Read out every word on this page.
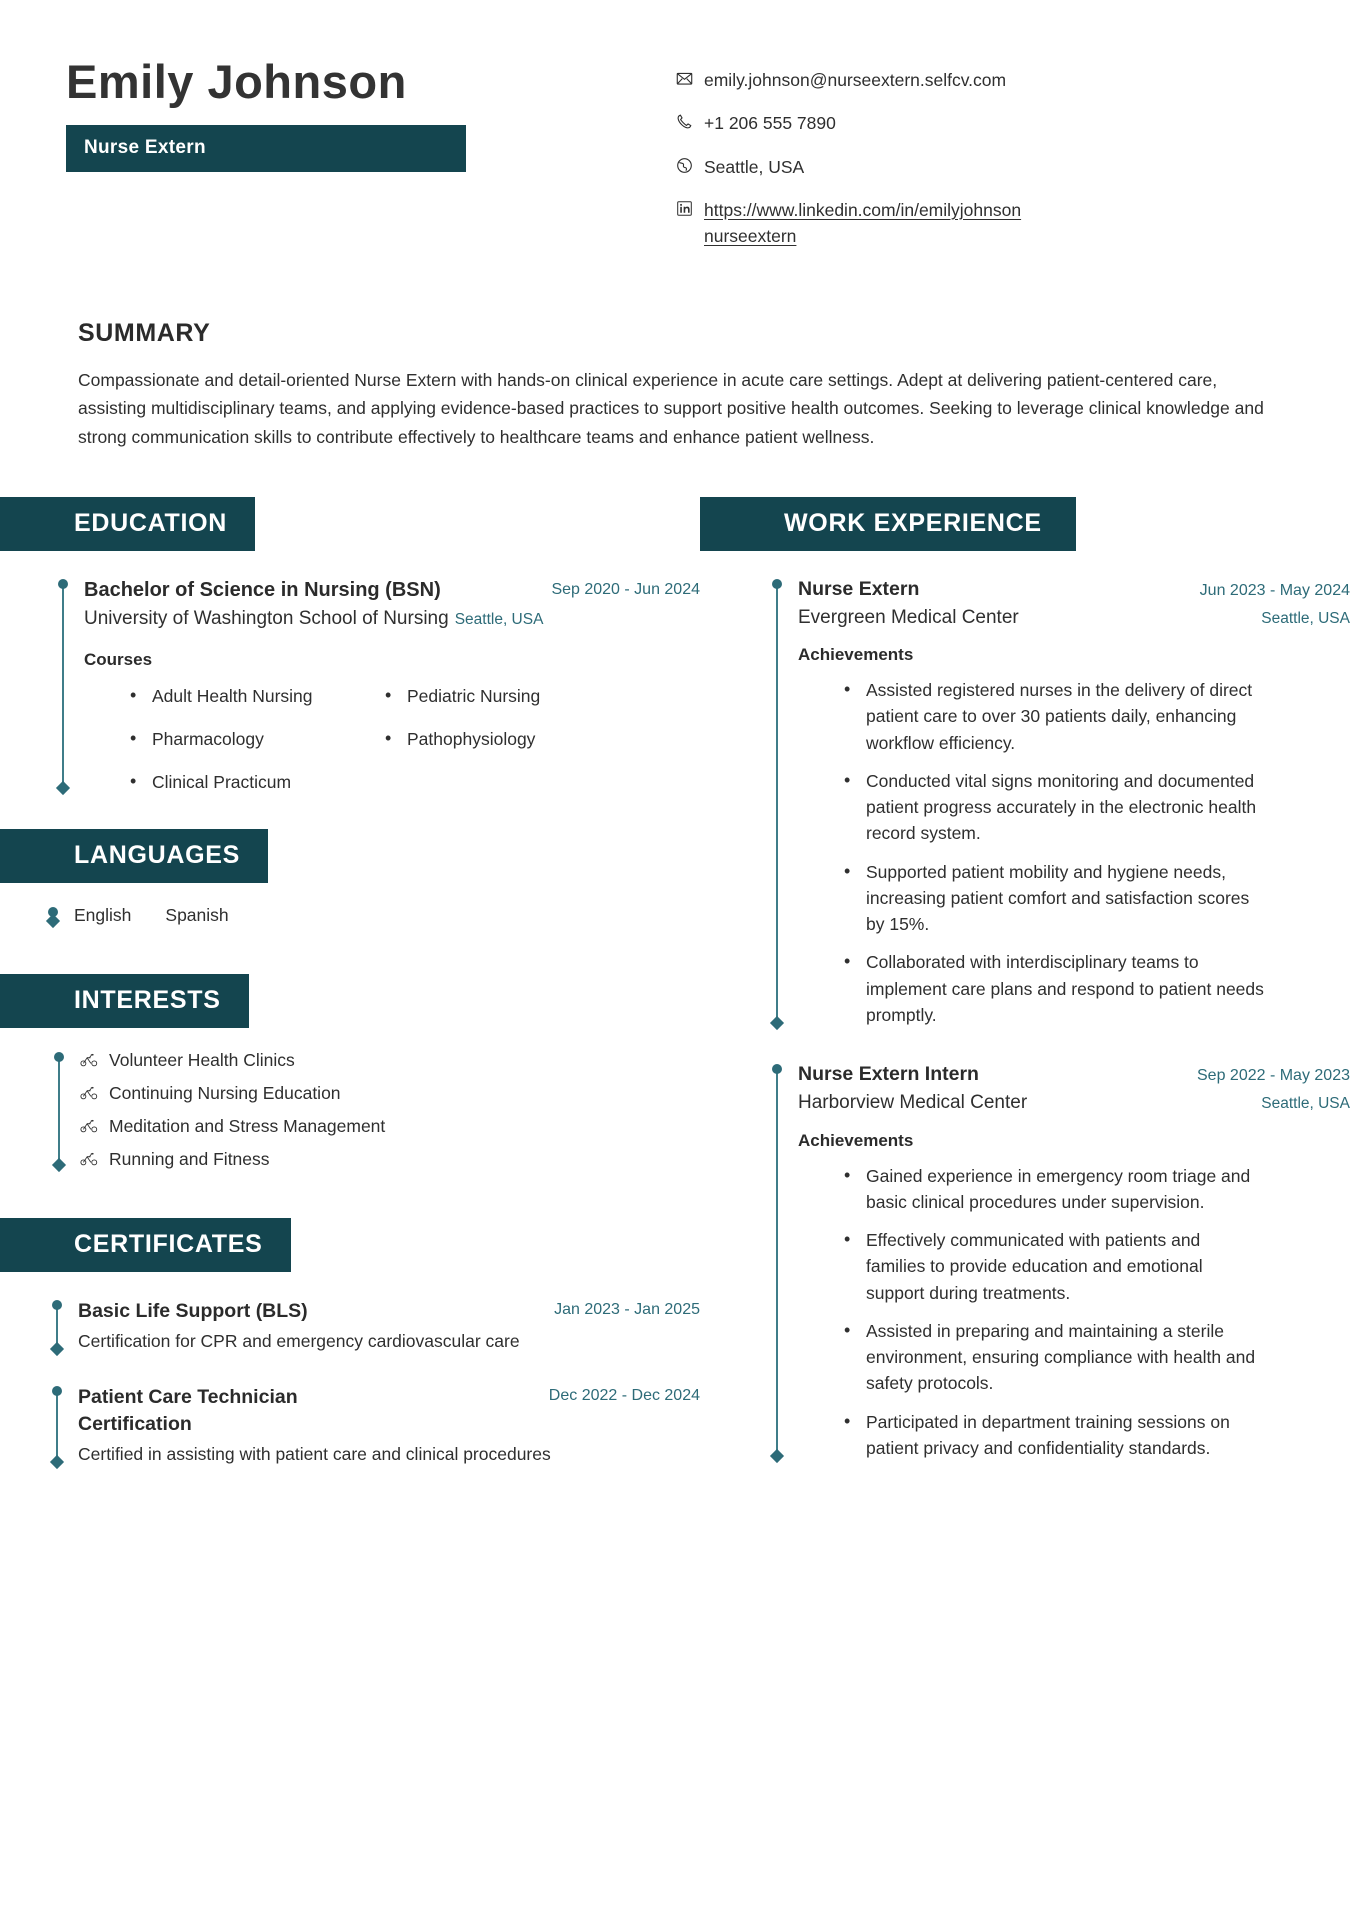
Emily Johnson
Nurse Extern
emily.johnson@nurseextern.selfcv.com
+1 206 555 7890
Seattle, USA
https://www.linkedin.com/in/emilyjohnson
nurseextern
SUMMARY
Compassionate and detail-oriented Nurse Extern with hands-on clinical experience in acute care settings. Adept at delivering patient-centered care, assisting multidisciplinary teams, and applying evidence-based practices to support positive health outcomes. Seeking to leverage clinical knowledge and strong communication skills to contribute effectively to healthcare teams and enhance patient wellness.
EDUCATION
Bachelor of Science in Nursing (BSN)	Sep 2020 - Jun 2024
University of Washington School of Nursing Seattle, USA
Courses
• Adult Health Nursing	• Pediatric Nursing
• Pharmacology	• Pathophysiology
• Clinical Practicum
LANGUAGES
English Spanish
INTERESTS
Volunteer Health Clinics
Continuing Nursing Education
Meditation and Stress Management
Running and Fitness
CERTIFICATES
Basic Life Support (BLS)	Jan 2023 - Jan 2025
Certification for CPR and emergency cardiovascular care
Patient Care Technician Certification
Dec 2022 - Dec 2024
Certified in assisting with patient care and clinical procedures
WORK EXPERIENCE
Nurse Extern	Jun 2023 - May 2024
Evergreen Medical Center	Seattle, USA
Achievements
• Assisted registered nurses in the delivery of direct patient care to over 30 patients daily, enhancing workflow efficiency.
• Conducted vital signs monitoring and documented patient progress accurately in the electronic health record system.
• Supported patient mobility and hygiene needs, increasing patient comfort and satisfaction scores by 15%.
• Collaborated with interdisciplinary teams to implement care plans and respond to patient needs promptly.
Nurse Extern Intern	Sep 2022 - May 2023
Harborview Medical Center	Seattle, USA
Achievements
• Gained experience in emergency room triage and basic clinical procedures under supervision.
• Effectively communicated with patients and families to provide education and emotional support during treatments.
• Assisted in preparing and maintaining a sterile environment, ensuring compliance with health and safety protocols.
• Participated in department training sessions on patient privacy and confidentiality standards.
